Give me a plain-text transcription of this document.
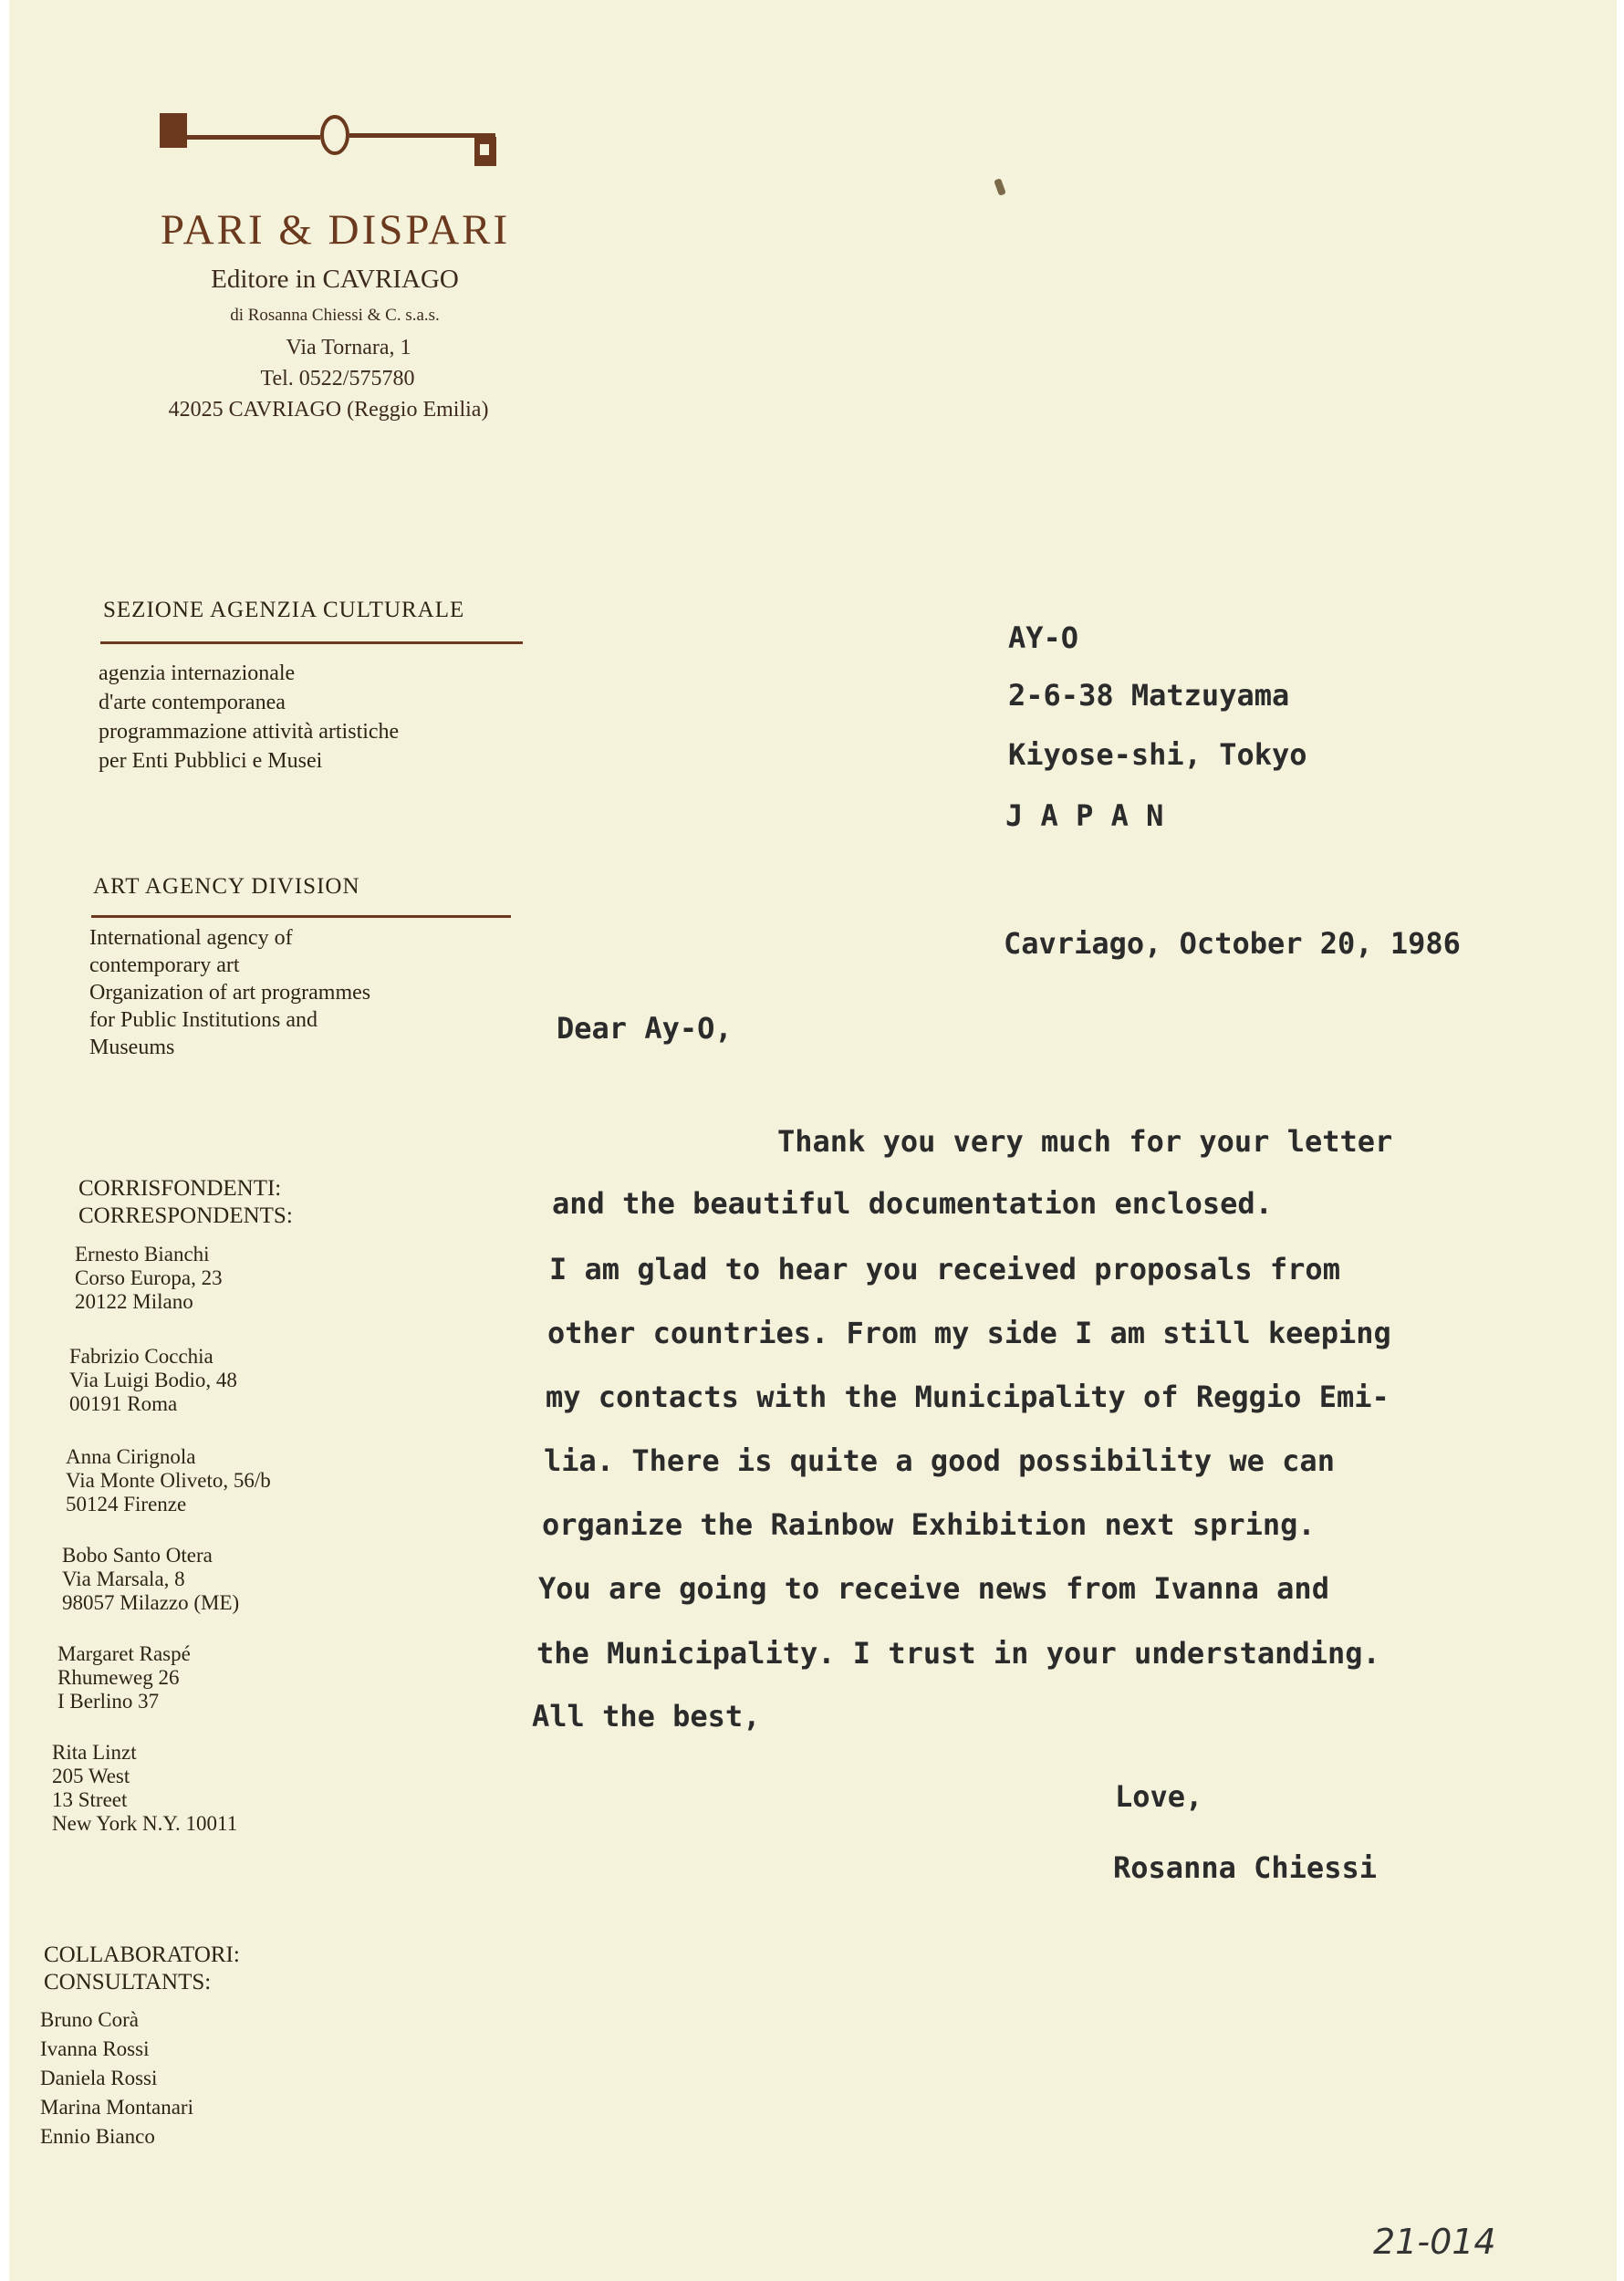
PARI & DISPARI
Editore in CAVRIAGO
di Rosanna Chiessi & C. s.a.s.
Via Tornara, 1
Tel. 0522/575780
42025 CAVRIAGO (Reggio Emilia)
SEZIONE AGENZIA CULTURALE
agenzia internazionale
d'arte contemporanea
programmazione attività artistiche
per Enti Pubblici e Musei
ART AGENCY DIVISION
International agency of
contemporary art
Organization of art programmes
for Public Institutions and
Museums
CORRISFONDENTI:
CORRESPONDENTS:
Ernesto Bianchi
Corso Europa, 23
20122 Milano
Fabrizio Cocchia
Via Luigi Bodio, 48
00191 Roma
Anna Cirignola
Via Monte Oliveto, 56/b
50124 Firenze
Bobo Santo Otera
Via Marsala, 8
98057 Milazzo (ME)
Margaret Raspé
Rhumeweg 26
I Berlino 37
Rita Linzt
205 West
13 Street
New York N.Y. 10011
COLLABORATORI:
CONSULTANTS:
Bruno Corà
Ivanna Rossi
Daniela Rossi
Marina Montanari
Ennio Bianco
AY-O
2-6-38 Matzuyama
Kiyose-shi, Tokyo
J A P A N
Cavriago, October 20, 1986
Dear Ay-O,
Thank you very much for your letter
and the beautiful documentation enclosed.
I am glad to hear you received proposals from
other countries. From my side I am still keeping
my contacts with the Municipality of Reggio Emi-
lia. There is quite a good possibility we can
organize the Rainbow Exhibition next spring.
You are going to receive news from Ivanna and
the Municipality. I trust in your understanding.
All the best,
Love,
Rosanna Chiessi
21-014
